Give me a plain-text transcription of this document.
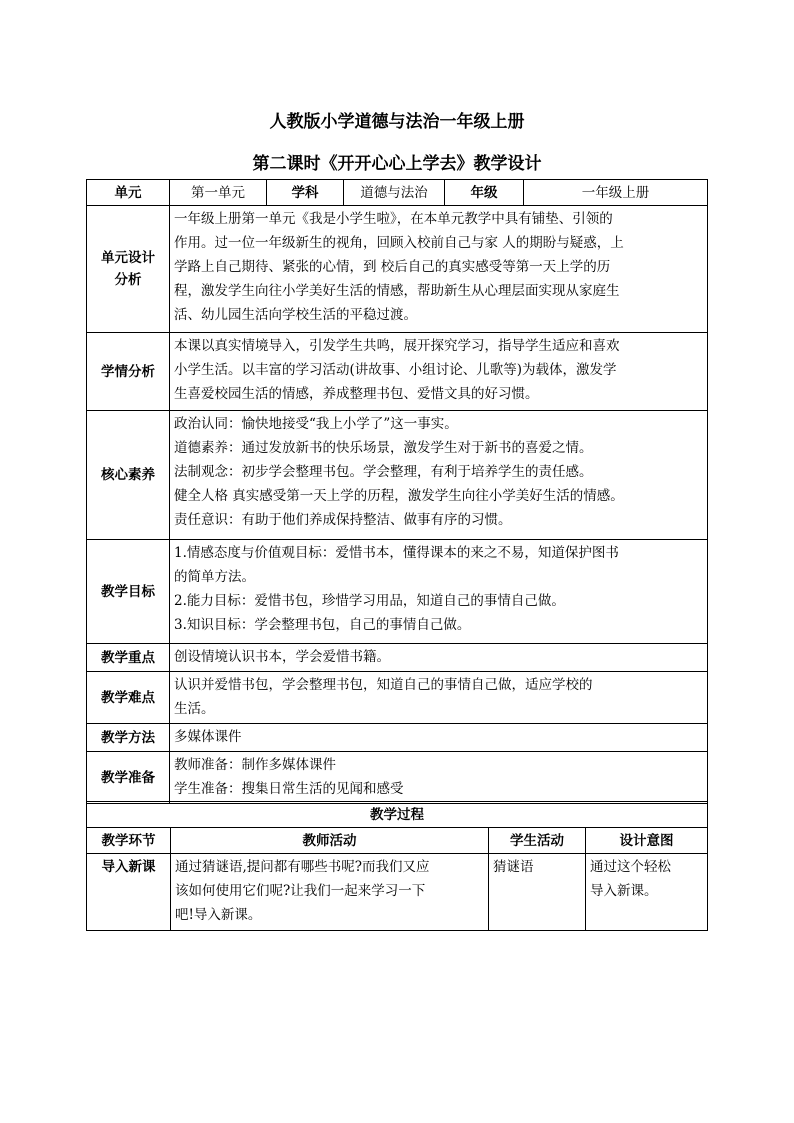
人教版小学道德与法治一年级上册
第二课时《开开心心上学去》教学设计
单元	第一单元	学科	道德与法治	年级	一年级上册

单元设计
分析	一年级上册第一单元《我是小学生啦》，在本单元教学中具有铺垫、引领的
作用。过一位一年级新生的视角，回顾入校前自己与家 人的期盼与疑惑，上
学路上自己期待、紧张的心情，到 校后自己的真实感受等第一天上学的历
程，激发学生向往小学美好生活的情感，帮助新生从心理层面实现从家庭生
活、幼儿园生活向学校生活的平稳过渡。				

学情分析	本课以真实情境导入，引发学生共鸣，展开探究学习，指导学生适应和喜欢
小学生活。以丰富的学习活动(讲故事、小组讨论、儿歌等)为载体，激发学
生喜爱校园生活的情感，养成整理书包、爱惜文具的好习惯。				

核心素养	政治认同：愉快地接受“我上小学了”这一事实。
道德素养：通过发放新书的快乐场景，激发学生对于新书的喜爱之情。
法制观念：初步学会整理书包。学会整理，有利于培养学生的责任感。
健全人格 真实感受第一天上学的历程，激发学生向往小学美好生活的情感。
责任意识：有助于他们养成保持整洁、做事有序的习惯。				

教学目标	1.情感态度与价值观目标：爱惜书本，懂得课本的来之不易，知道保护图书
的简单方法。
2.能力目标：爱惜书包，珍惜学习用品，知道自己的事情自己做。
3.知识目标：学会整理书包，自己的事情自己做。				

教学重点	创设情境认识书本，学会爱惜书籍。				

教学难点	认识并爱惜书包，学会整理书包，知道自己的事情自己做，适应学校的
生活。				

教学方法	多媒体课件				

教学准备	教师准备：制作多媒体课件
学生准备：搜集日常生活的见闻和感受				
教学过程			
教学环节	教师活动	学生活动	设计意图
导入新课	通过猜谜语,提问都有哪些书呢?而我们又应
该如何使用它们呢?让我们一起来学习一下
吧!导入新课。	猜谜语	通过这个轻松
导入新课。
